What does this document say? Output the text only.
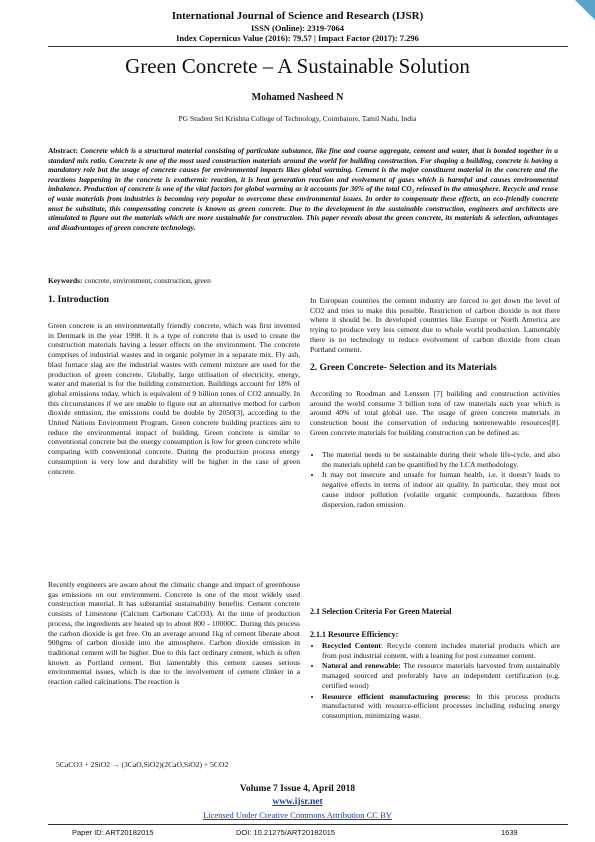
International Journal of Science and Research (IJSR)
ISSN (Online): 2319-7064
Index Copernicus Value (2016): 79.57 | Impact Factor (2017): 7.296
Green Concrete – A Sustainable Solution
Mohamed Nasheed N
PG Student Sri Krishna College of Technology, Coimbatore, Tamil Nadu, India
Abstract: Concrete which is a structural material consisting of particulate substance, like fine and coarse aggregate, cement and water, that is bonded together in a standard mix ratio. Concrete is one of the most used construction materials around the world for building construction. For shaping a building, concrete is having a mandatory role but the usage of concrete causes for environmental impacts likes global warming. Cement is the major constituent material in the concrete and the reactions happening in the concrete is exothermic reaction, it is heat generation reaction and evolvement of gases which is harmful and causes environmental imbalance. Production of concrete is one of the vital factors for global warming as it accounts for 30% of the total CO₂ released in the atmosphere. Recycle and reuse of waste materials from industries is becoming very popular to overcome these environmental issues. In order to compensate these effects, an eco-friendly concrete must be substitute, this compensating concrete is known as green concrete. Due to the development in the sustainable construction, engineers and architects are stimulated to figure out the materials which are more sustainable for construction. This paper reveals about the green concrete, its materials & selection, advantages and disadvantages of green concrete technology.
Keywords: concrete, environment, construction, green
1. Introduction
Green concrete is an environmentally friendly concrete, which was first invented in Denmark in the year 1998. It is a type of concrete that is used to create the construction materials having a lesser effects on the environment. The concrete comprises of industrial wastes and in organic polymer in a separate mix. Fly ash, blast furnace slag are the industrial wastes with cement mixture are used for the production of green concrete. Globally, large utilisation of electricity, energy, water and material is for the building construction. Buildings account for 18% of global emissions today, which is equivalent of 9 billion tones of CO2 annually. In this circumstances if we are unable to figure out an alternative method for carbon dioxide emission, the emissions could be double by 2050[3], according to the United Nations Environment Program. Green concrete building practices aim to reduce the environmental impact of building. Green concrete is similar to conventional concrete but the energy consumption is low for green concrete while comparing with conventional concrete. During the production process energy consumption is very low and durability will be higher in the case of green concrete.
Recently engineers are aware about the climatic change and impact of greenhouse gas emissions on our environment. Concrete is one of the most widely used construction material. It has substantial sustainability benefits. Cement concrete consists of Limestone (Calcium Carbonate CaCO3). At the time of production process, the ingredients are heated up to about 800 - 10000C. During this process the carbon dioxide is get free. On an average around 1kg of cement liberate about 900gms of carbon dioxide into the atmosphere. Carbon dioxide emission in traditional cement will be higher. Due to this fact ordinary cement, which is often known as Portland cement. But lamentably this cement causes serious environmental issues, which is due to the involvement of cement clinker in a reaction called calcinations. The reaction is
5CaCO3 + 2SiO2 → (3CaO,SiO2)(2CaO,SiO2) + 5CO2
In European countries the cement industry are forced to get down the level of CO2 and tries to make this possible. Restriction of carbon dioxide is not there where it should be. In developed countries like Europe or North America are trying to produce very less cement due to whole world production. Lamentably there is no technology to reduce evolvement of carbon dioxide from clean Portland cement.
2. Green Concrete- Selection and its Materials
According to Roodman and Lenssen [7] building and construction activities around the world consume 3 billion tons of raw materials each year which is around 40% of total global use. The usage of green concrete materials in construction boost the conservation of reducing nonrenewable resources[8]. Green concrete materials for building construction can be defined as:
• The material needs to be sustainable during their whole life-cycle, and also the materials upheld can be quantified by the LCA methodology.
• It may not insecure and unsafe for human health, i.e. it doesn’t leads to negative effects in terms of indoor air quality. In particular, they must not cause indoor pollution (volatile organic compounds, hazardous fibres dispersion, radon emission.
2.1 Selection Criteria For Green Material
2.1.1 Resource Efficiency:
• Recycled Content: Recycle content includes material products which are from post industrial content, with a leaning for post consumer content.
• Natural and renewable: The resource materials harvested from sustainably managed sourced and preferably have an independent certification (e.g. certified wood)
• Resource efficient manufacturing process: In this process products manufactured with resource-efficient processes including reducing energy consumption, minimizing waste.
Volume 7 Issue 4, April 2018
www.ijsr.net
Licensed Under Creative Commons Attribution CC BY
Paper ID: ART20182015	DOI: 10.21275/ART20182015	1639
